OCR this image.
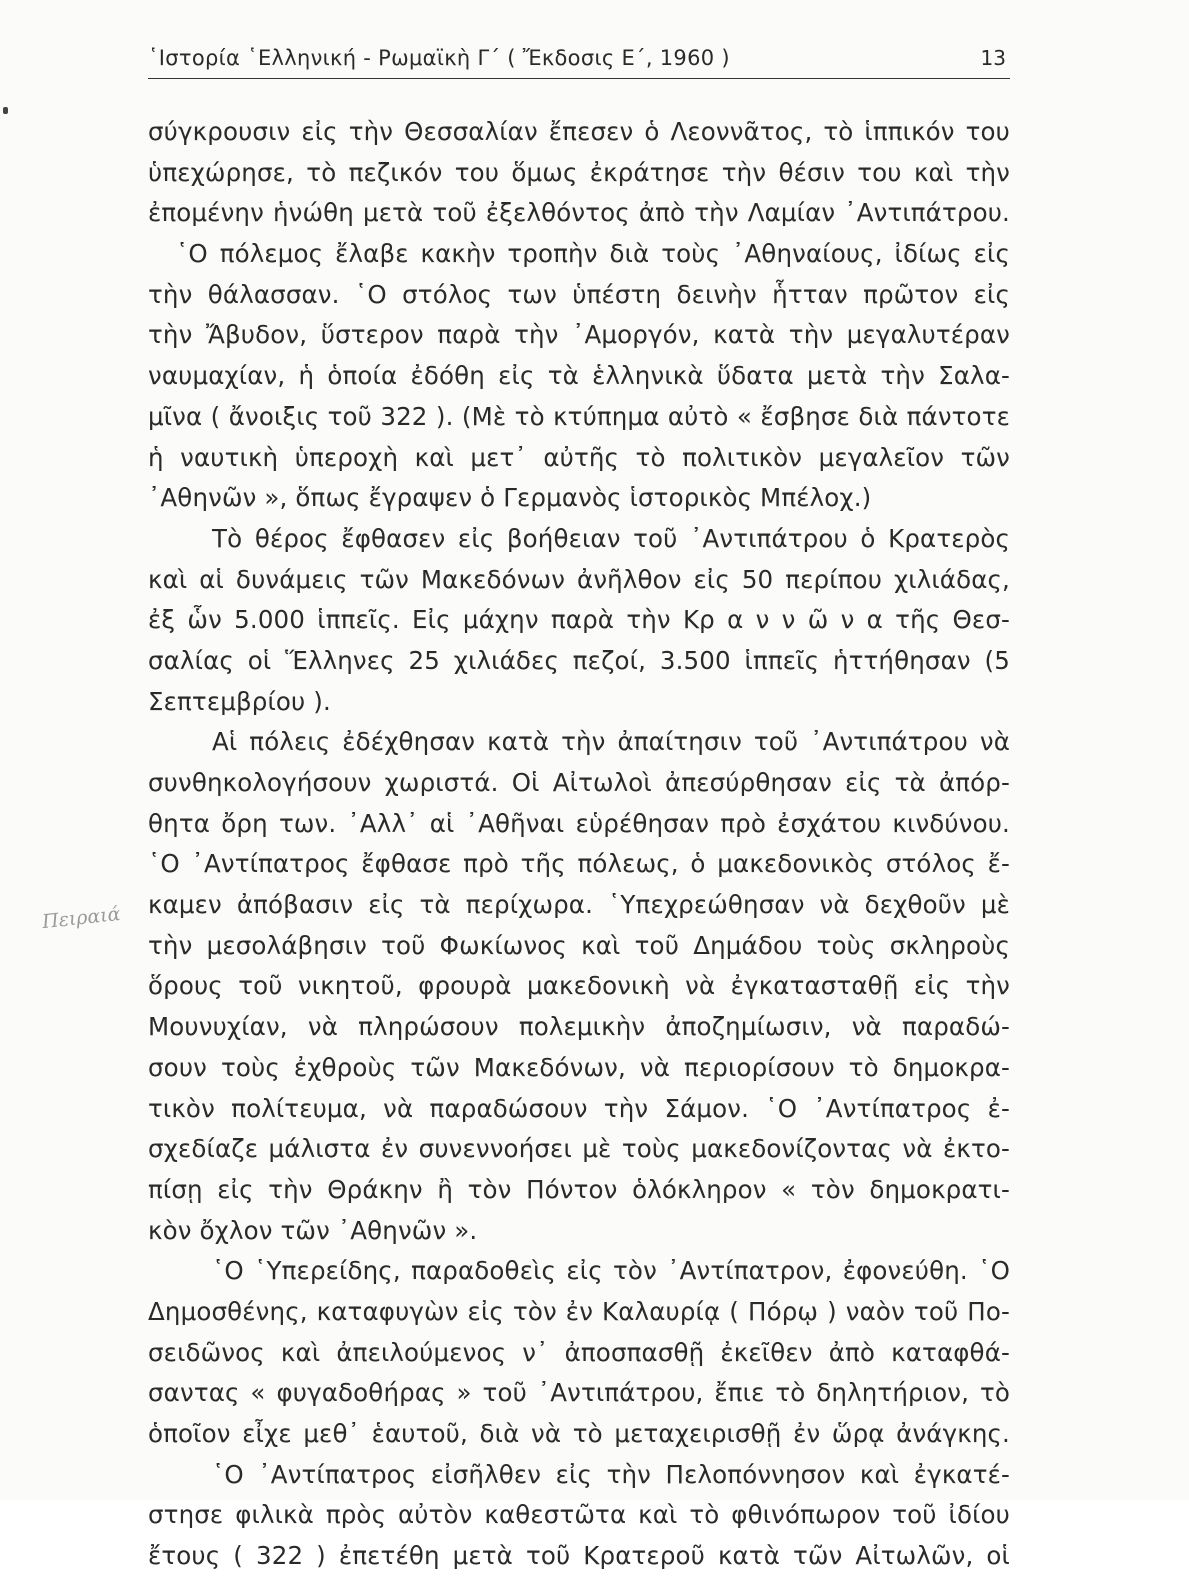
῾Ιστορία ῾Ελληνική - Ρωμαϊκὴ Γ΄ ( Ἔκδοσις Ε΄, 1960 )	13
Πειραιά
σύγκρουσιν εἰς τὴν Θεσσαλίαν ἔπεσεν ὁ Λεοννᾶτος, τὸ ἱππικόν του
ὑπεχώρησε, τὸ πεζικόν του ὅμως ἐκράτησε τὴν θέσιν του καὶ τὴν
ἐπομένην ἡνώθη μετὰ τοῦ ἐξελθόντος ἀπὸ τὴν Λαμίαν ᾿Αντιπάτρου.
῾Ο πόλεμος ἔλαβε κακὴν τροπὴν διὰ τοὺς ᾿Αθηναίους, ἰδίως εἰς
τὴν θάλασσαν. ῾Ο στόλος των ὑπέστη δεινὴν ἧτταν πρῶτον εἰς
τὴν Ἄβυδον, ὕστερον παρὰ τὴν ᾿Αμοργόν, κατὰ τὴν μεγαλυτέραν
ναυμαχίαν, ἡ ὁποία ἐδόθη εἰς τὰ ἑλληνικὰ ὕδατα μετὰ τὴν Σαλα-
μῖνα ( ἄνοιξις τοῦ 322 ). (Μὲ τὸ κτύπημα αὐτὸ « ἔσβησε διὰ πάντοτε
ἡ ναυτικὴ ὑπεροχὴ καὶ μετ᾿ αὐτῆς τὸ πολιτικὸν μεγαλεῖον τῶν
᾿Αθηνῶν », ὅπως ἔγραψεν ὁ Γερμανὸς ἱστορικὸς Μπέλοχ.)
Τὸ θέρος ἔφθασεν εἰς βοήθειαν τοῦ ᾿Αντιπάτρου ὁ Κρατερὸς
καὶ αἱ δυνάμεις τῶν Μακεδόνων ἀνῆλθον εἰς 50 περίπου χιλιάδας,
ἐξ ὧν 5.000 ἱππεῖς. Εἰς μάχην παρὰ τὴν Κρ α ν ν ῶ ν α τῆς Θεσ-
σαλίας οἱ Ἕλληνες 25 χιλιάδες πεζοί, 3.500 ἱππεῖς ἡττήθησαν (5
Σεπτεμβρίου ).
Αἱ πόλεις ἐδέχθησαν κατὰ τὴν ἀπαίτησιν τοῦ ᾿Αντιπάτρου νὰ
συνθηκολογήσουν χωριστά. Οἱ Αἰτωλοὶ ἀπεσύρθησαν εἰς τὰ ἀπόρ-
θητα ὄρη των. ᾿Αλλ᾿ αἱ ᾿Αθῆναι εὑρέθησαν πρὸ ἐσχάτου κινδύνου.
῾Ο ᾿Αντίπατρος ἔφθασε πρὸ τῆς πόλεως, ὁ μακεδονικὸς στόλος ἔ-
καμεν ἀπόβασιν εἰς τὰ περίχωρα. ῾Υπεχρεώθησαν νὰ δεχθοῦν μὲ
τὴν μεσολάβησιν τοῦ Φωκίωνος καὶ τοῦ Δημάδου τοὺς σκληροὺς
ὅρους τοῦ νικητοῦ, φρουρὰ μακεδονικὴ νὰ ἐγκατασταθῇ εἰς τὴν
Μουνυχίαν, νὰ πληρώσουν πολεμικὴν ἀποζημίωσιν, νὰ παραδώ-
σουν τοὺς ἐχθροὺς τῶν Μακεδόνων, νὰ περιορίσουν τὸ δημοκρα-
τικὸν πολίτευμα, νὰ παραδώσουν τὴν Σάμον. ῾Ο ᾿Αντίπατρος ἐ-
σχεδίαζε μάλιστα ἐν συνεννοήσει μὲ τοὺς μακεδονίζοντας νὰ ἐκτο-
πίσῃ εἰς τὴν Θράκην ἢ τὸν Πόντον ὁλόκληρον « τὸν δημοκρατι-
κὸν ὄχλον τῶν ᾿Αθηνῶν ».
῾Ο ῾Υπερείδης, παραδοθεὶς εἰς τὸν ᾿Αντίπατρον, ἐφονεύθη. ῾Ο
Δημοσθένης, καταφυγὼν εἰς τὸν ἐν Καλαυρίᾳ ( Πόρῳ ) ναὸν τοῦ Πο-
σειδῶνος καὶ ἀπειλούμενος ν᾿ ἀποσπασθῇ ἐκεῖθεν ἀπὸ καταφθά-
σαντας « φυγαδοθήρας » τοῦ ᾿Αντιπάτρου, ἔπιε τὸ δηλητήριον, τὸ
ὁποῖον εἶχε μεθ᾿ ἑαυτοῦ, διὰ νὰ τὸ μεταχειρισθῇ ἐν ὥρᾳ ἀνάγκης.
῾Ο ᾿Αντίπατρος εἰσῆλθεν εἰς τὴν Πελοπόννησον καὶ ἐγκατέ-
στησε φιλικὰ πρὸς αὐτὸν καθεστῶτα καὶ τὸ φθινόπωρον τοῦ ἰδίου
ἔτους ( 322 ) ἐπετέθη μετὰ τοῦ Κρατεροῦ κατὰ τῶν Αἰτωλῶν, οἱ
